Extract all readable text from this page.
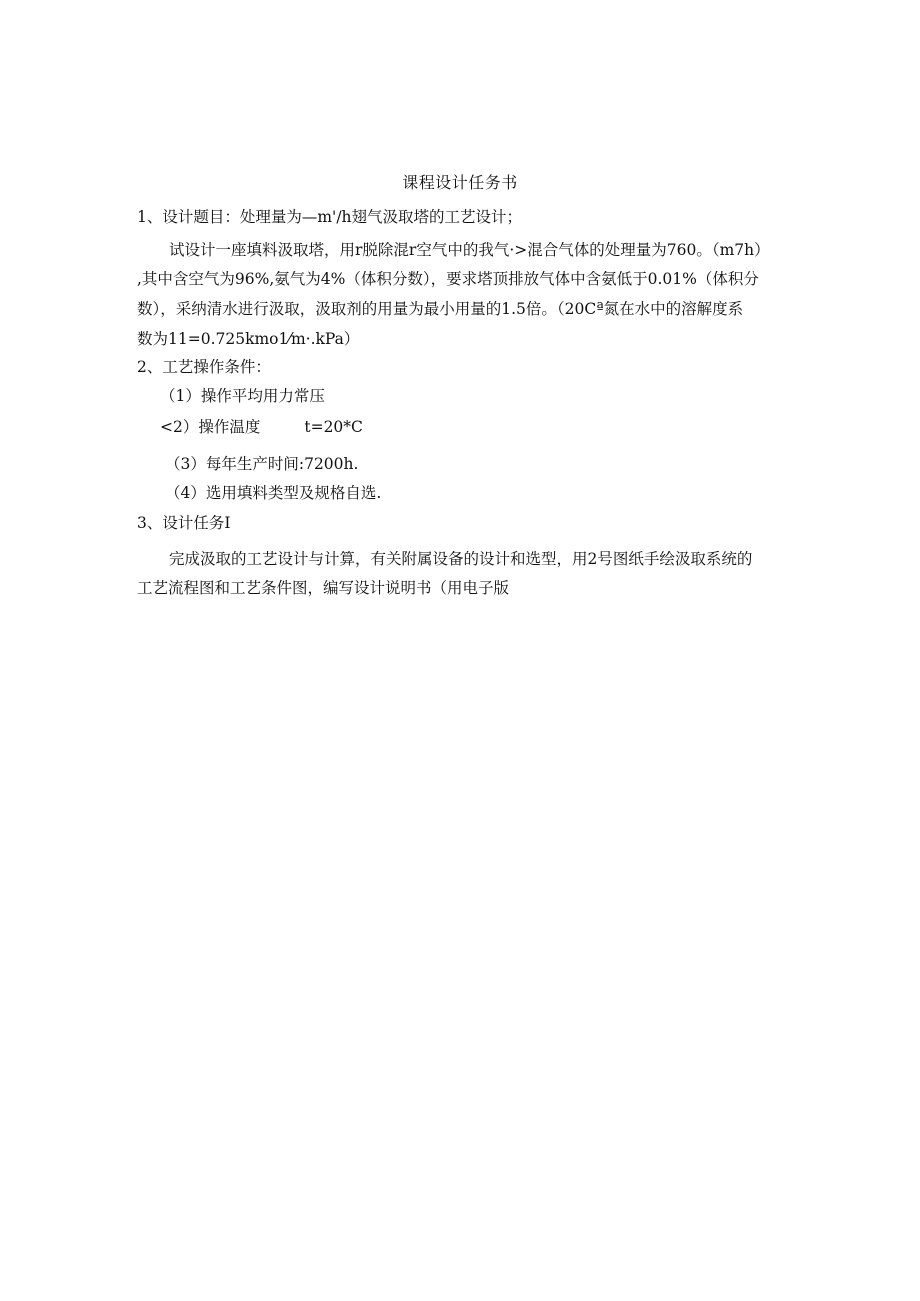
课程设计任务书
1、设计题目：处理量为—m'/h翅气汲取塔的工艺设计；
试设计一座填料汲取塔，用r脱除混r空气中的我气·>混合气体的处理量为760。（m7h）
,其中含空气为96%,氨气为4%（体积分数），要求塔顶排放气体中含氨低于0.01%（体积分
数），采纳清水进行汲取，汲取剂的用量为最小用量的1.5倍。（20Cª氮在水中的溶解度系
数为11=0.725kmo1⁄m·.kPa）
2、工艺操作条件：
（1）操作平均用力常压
<2）操作温度	t=20*C
（3）每年生产时间:7200h.
（4）选用填料类型及规格自选.
3、设计任务I
完成汲取的工艺设计与计算，有关附属设备的设计和选型，用2号图纸手绘汲取系统的
工艺流程图和工艺条件图，编写设计说明书（用电子版
